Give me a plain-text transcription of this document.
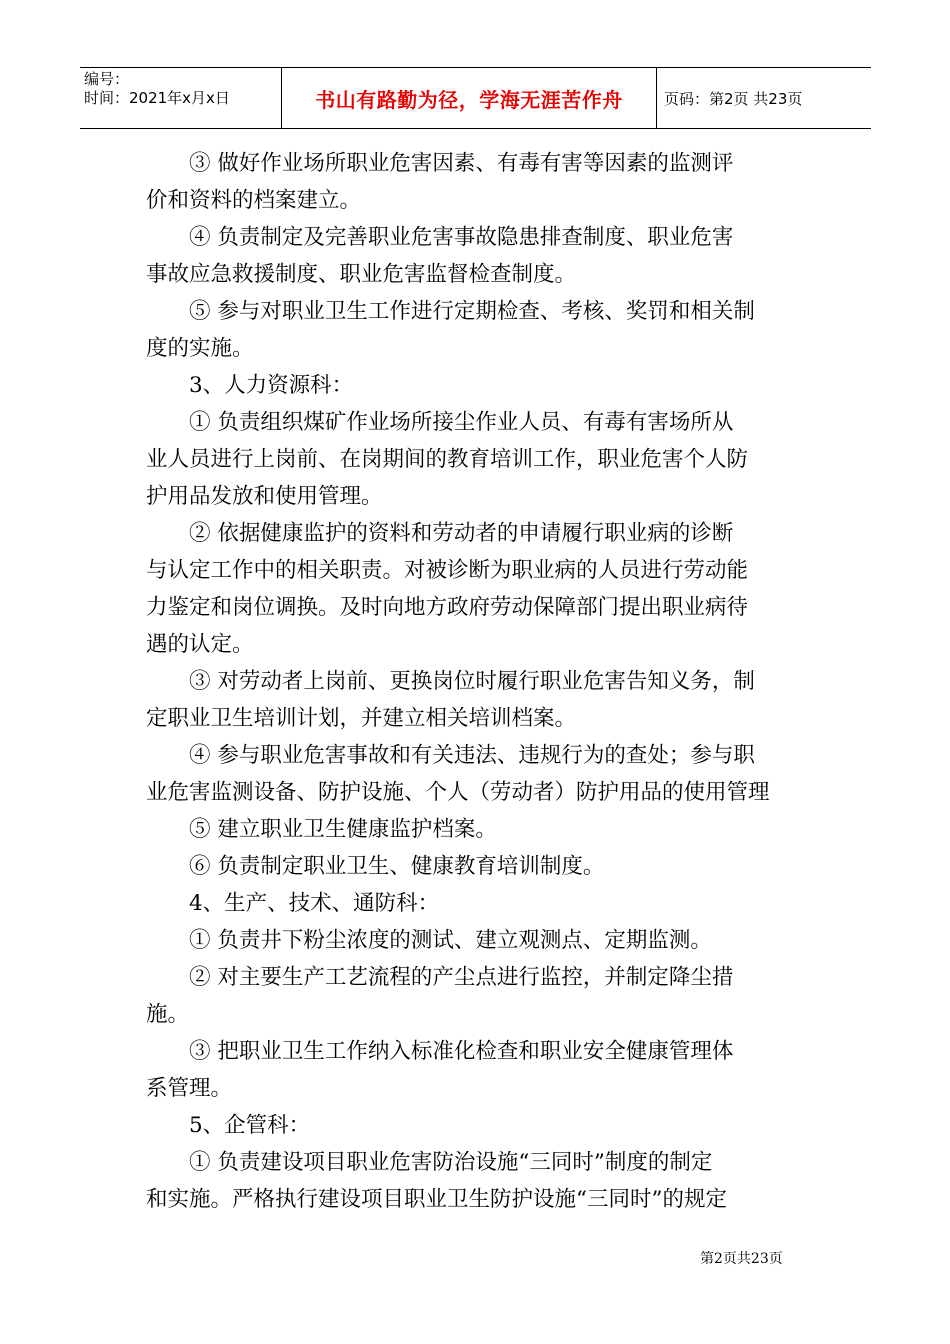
编号：
时间：2021年x月x日	书山有路勤为径，学海无涯苦作舟	页码：第2页 共23页

③ 做好作业场所职业危害因素、有毒有害等因素的监测评

价和资料的档案建立。

④ 负责制定及完善职业危害事故隐患排查制度、职业危害

事故应急救援制度、职业危害监督检查制度。

⑤ 参与对职业卫生工作进行定期检查、考核、奖罚和相关制

度的实施。

3、人力资源科：

① 负责组织煤矿作业场所接尘作业人员、有毒有害场所从

业人员进行上岗前、在岗期间的教育培训工作，职业危害个人防

护用品发放和使用管理。

② 依据健康监护的资料和劳动者的申请履行职业病的诊断

与认定工作中的相关职责。对被诊断为职业病的人员进行劳动能

力鉴定和岗位调换。及时向地方政府劳动保障部门提出职业病待

遇的认定。

③ 对劳动者上岗前、更换岗位时履行职业危害告知义务，制

定职业卫生培训计划，并建立相关培训档案。

④ 参与职业危害事故和有关违法、违规行为的查处；参与职

业危害监测设备、防护设施、个人（劳动者）防护用品的使用管理

⑤ 建立职业卫生健康监护档案。

⑥ 负责制定职业卫生、健康教育培训制度。

4、生产、技术、通防科：

① 负责井下粉尘浓度的测试、建立观测点、定期监测。

② 对主要生产工艺流程的产尘点进行监控，并制定降尘措

施。

③ 把职业卫生工作纳入标准化检查和职业安全健康管理体

系管理。

5、企管科：

① 负责建设项目职业危害防治设施“三同时”制度的制定

和实施。严格执行建设项目职业卫生防护设施“三同时”的规定

第2页共23页
